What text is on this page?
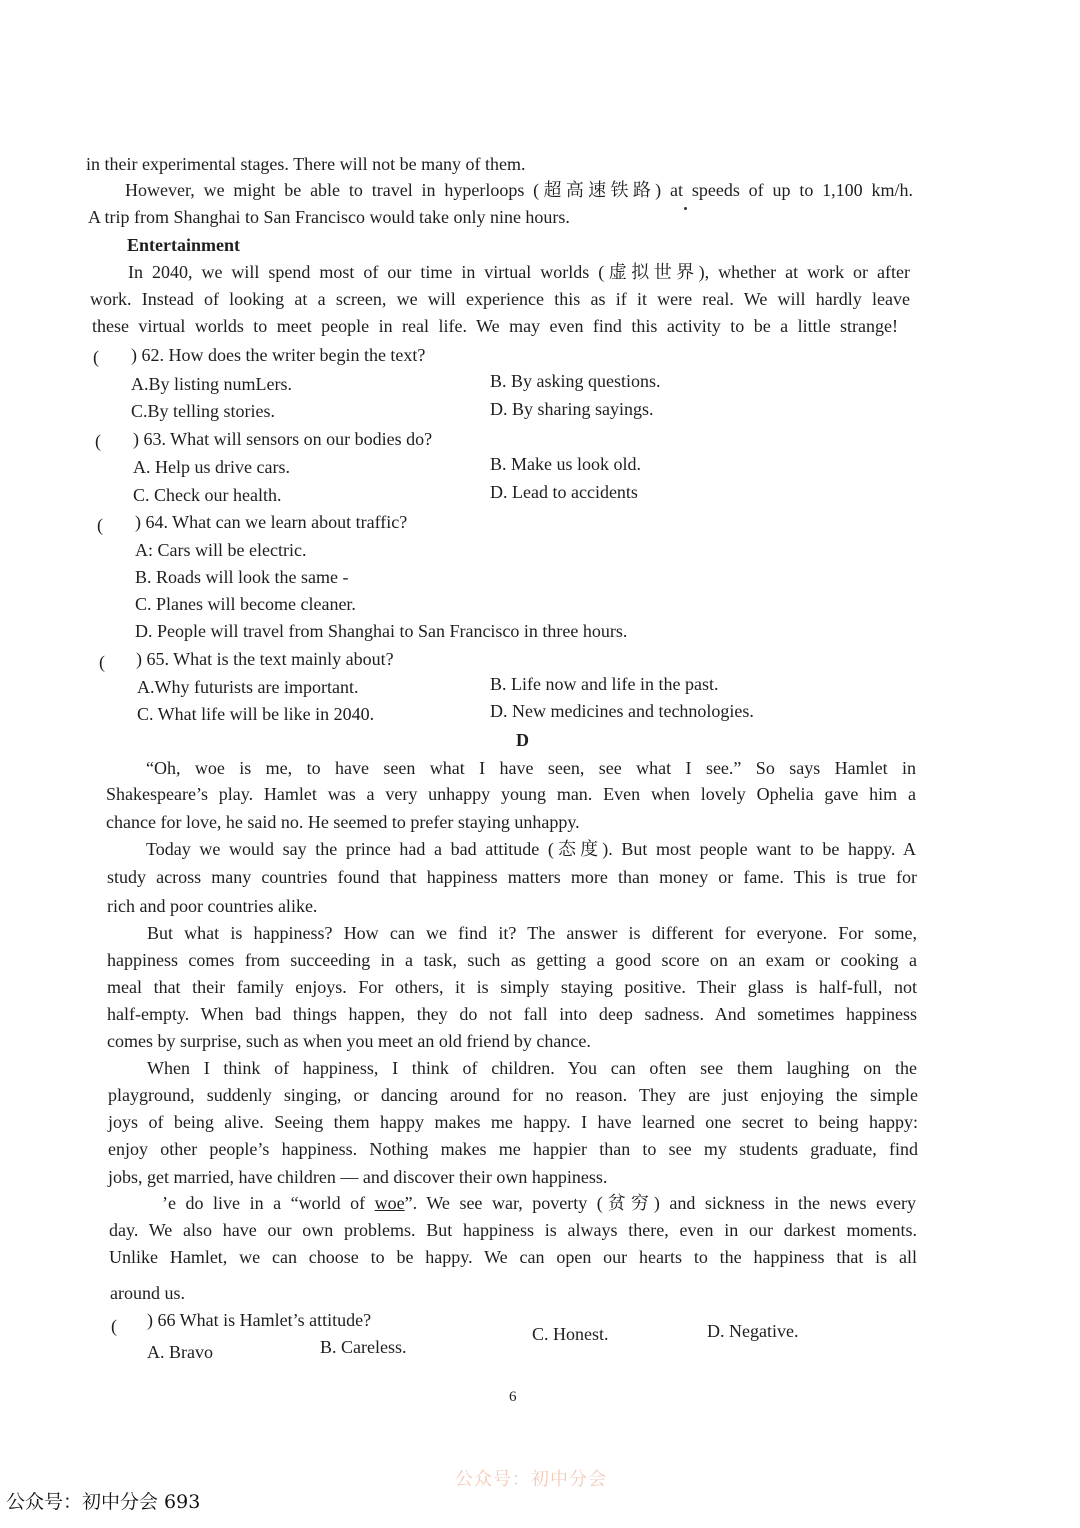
in their experimental stages. There will not be many of them.
However, we might be able to travel in hyperloops (超高速铁路) at speeds of up to 1,100 km/h.
A trip from Shanghai to San Francisco would take only nine hours.
Entertainment
In 2040, we will spend most of our time in virtual worlds (虚拟世界), whether at work or after
work. Instead of looking at a screen, we will experience this as if it were real. We will hardly leave
these virtual worlds to meet people in real life. We may even find this activity to be a little strange!
( ) 62. How does the writer begin the text?
A.By listing numLers.	B. By asking questions.
C.By telling stories.	D. By sharing sayings.
( ) 63. What will sensors on our bodies do?
A. Help us drive cars.	B. Make us look old.
C. Check our health.	D. Lead to accidents
( ) 64. What can we learn about traffic?
A: Cars will be electric.
B. Roads will look the same -
C. Planes will become cleaner.
D. People will travel from Shanghai to San Francisco in three hours.
( ) 65. What is the text mainly about?
A.Why futurists are important.	B. Life now and life in the past.
C. What life will be like in 2040.	D. New medicines and technologies.
D
“Oh, woe is me, to have seen what I have seen, see what I see.” So says Hamlet in
Shakespeare’s play. Hamlet was a very unhappy young man. Even when lovely Ophelia gave him a
chance for love, he said no. He seemed to prefer staying unhappy.
Today we would say the prince had a bad attitude (态度). But most people want to be happy. A
study across many countries found that happiness matters more than money or fame. This is true for
rich and poor countries alike.
But what is happiness? How can we find it? The answer is different for everyone. For some,
happiness comes from succeeding in a task, such as getting a good score on an exam or cooking a
meal that their family enjoys. For others, it is simply staying positive. Their glass is half-full, not
half-empty. When bad things happen, they do not fall into deep sadness. And sometimes happiness
comes by surprise, such as when you meet an old friend by chance.
When I think of happiness, I think of children. You can often see them laughing on the
playground, suddenly singing, or dancing around for no reason. They are just enjoying the simple
joys of being alive. Seeing them happy makes me happy. I have learned one secret to being happy:
enjoy other people’s happiness. Nothing makes me happier than to see my students graduate, find
jobs, get married, have children — and discover their own happiness.
’e do live in a “world of woe”. We see war, poverty (贫穷) and sickness in the news every
day. We also have our own problems. But happiness is always there, even in our darkest moments.
Unlike Hamlet, we can choose to be happy. We can open our hearts to the happiness that is all
around us.
( ) 66 What is Hamlet’s attitude?
A. Bravo	B. Careless.
C. Honest.	D. Negative.
6
公众号：初中分会
公众号：初中分会 693
